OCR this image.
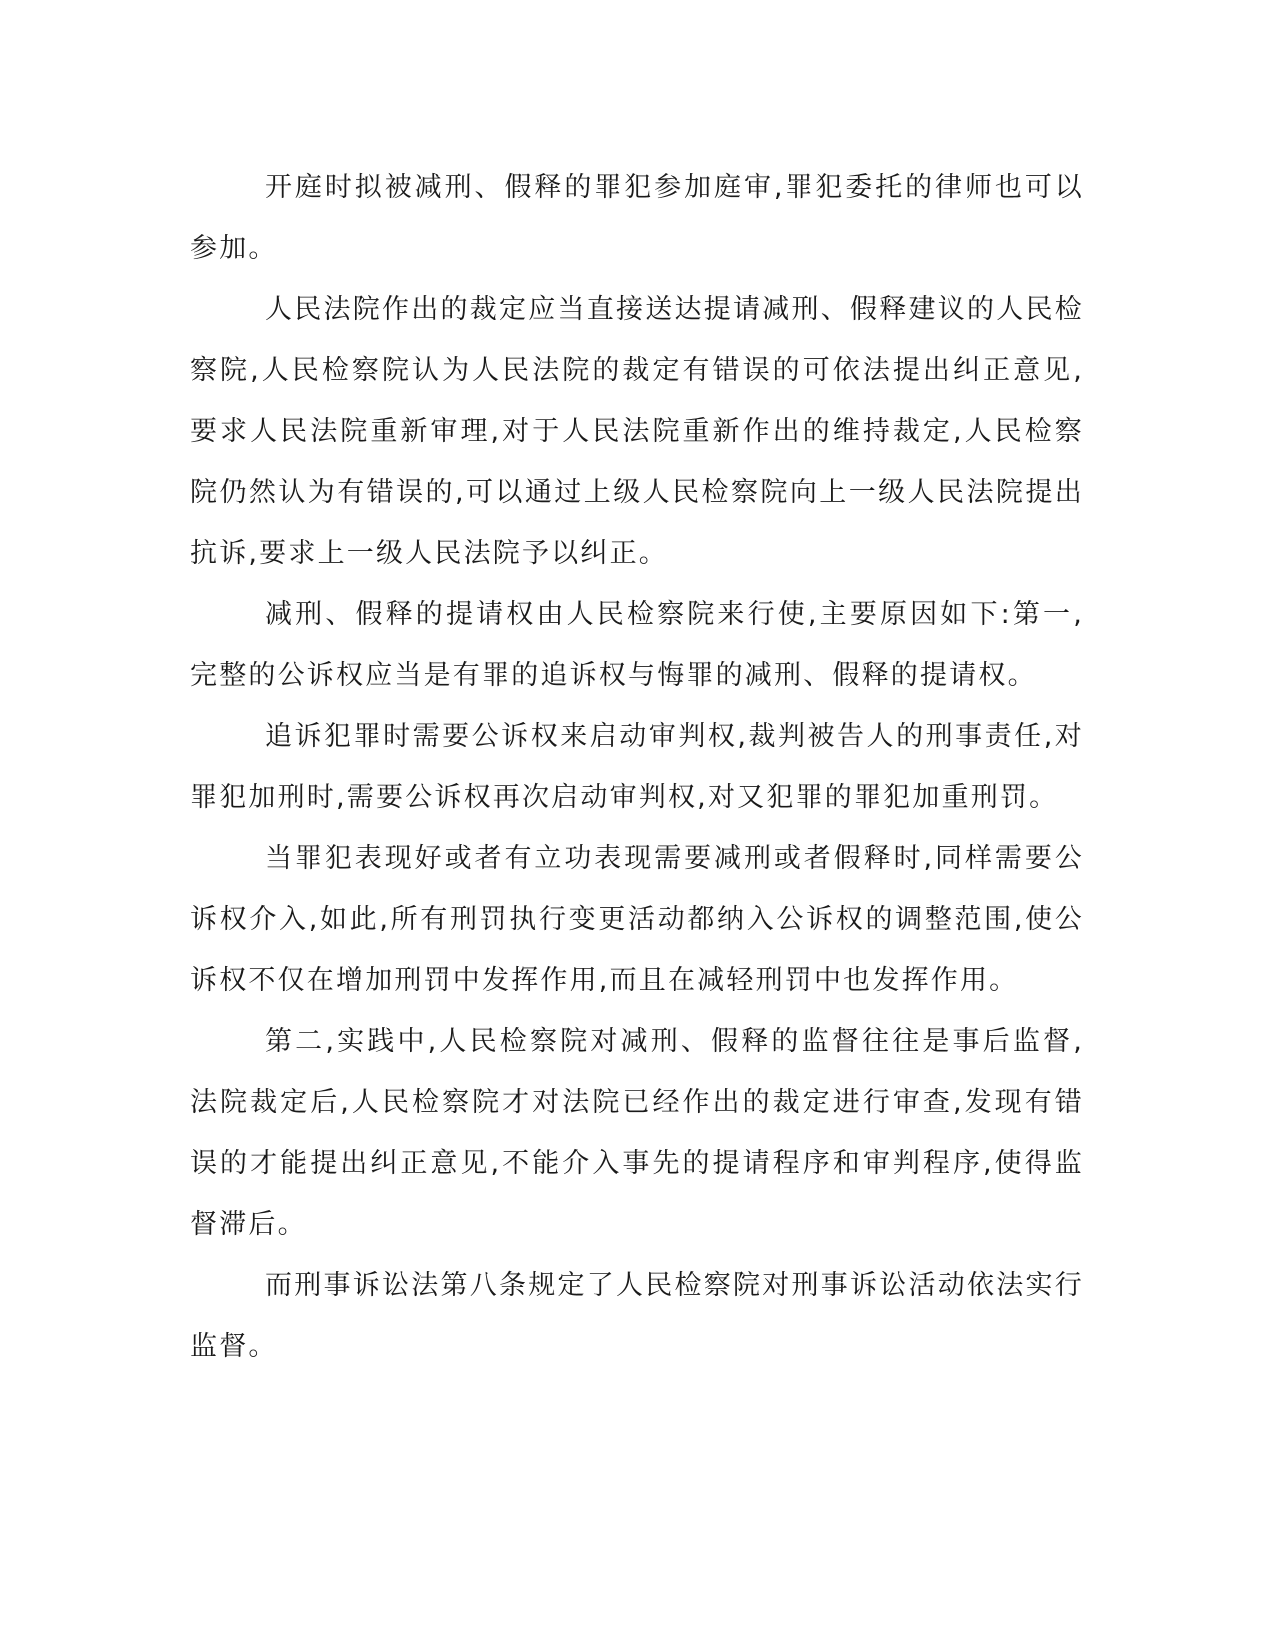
开庭时拟被减刑、假释的罪犯参加庭审,罪犯委托的律师也可以参加。

人民法院作出的裁定应当直接送达提请减刑、假释建议的人民检察院,人民检察院认为人民法院的裁定有错误的可依法提出纠正意见,要求人民法院重新审理,对于人民法院重新作出的维持裁定,人民检察院仍然认为有错误的,可以通过上级人民检察院向上一级人民法院提出抗诉,要求上一级人民法院予以纠正。

减刑、假释的提请权由人民检察院来行使,主要原因如下:第一,完整的公诉权应当是有罪的追诉权与悔罪的减刑、假释的提请权。

追诉犯罪时需要公诉权来启动审判权,裁判被告人的刑事责任,对罪犯加刑时,需要公诉权再次启动审判权,对又犯罪的罪犯加重刑罚。

当罪犯表现好或者有立功表现需要减刑或者假释时,同样需要公诉权介入,如此,所有刑罚执行变更活动都纳入公诉权的调整范围,使公诉权不仅在增加刑罚中发挥作用,而且在减轻刑罚中也发挥作用。

第二,实践中,人民检察院对减刑、假释的监督往往是事后监督,法院裁定后,人民检察院才对法院已经作出的裁定进行审查,发现有错误的才能提出纠正意见,不能介入事先的提请程序和审判程序,使得监督滞后。

而刑事诉讼法第八条规定了人民检察院对刑事诉讼活动依法实行监督。
